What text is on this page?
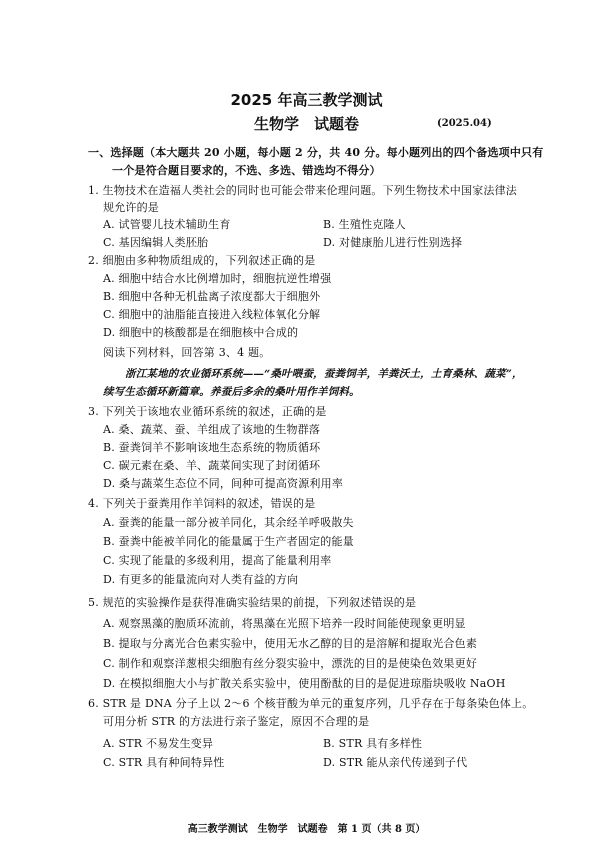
2025 年高三教学测试
生物学　试题卷	(2025.04)
一、选择题（本大题共 20 小题，每小题 2 分，共 40 分。每小题列出的四个备选项中只有
一个是符合题目要求的，不选、多选、错选均不得分）
1. 生物技术在造福人类社会的同时也可能会带来伦理问题。下列生物技术中国家法律法
规允许的是
A. 试管婴儿技术辅助生育	B. 生殖性克隆人
C. 基因编辑人类胚胎	D. 对健康胎儿进行性别选择
2. 细胞由多种物质组成的，下列叙述正确的是
A. 细胞中结合水比例增加时，细胞抗逆性增强
B. 细胞中各种无机盐离子浓度都大于细胞外
C. 细胞中的油脂能直接进入线粒体氧化分解
D. 细胞中的核酸都是在细胞核中合成的
阅读下列材料，回答第 3、4 题。
浙江某地的农业循环系统——“桑叶喂蚕，蚕粪饲羊，羊粪沃土，土育桑林、蔬菜”，
续写生态循环新篇章。养蚕后多余的桑叶用作羊饲料。
3. 下列关于该地农业循环系统的叙述，正确的是
A. 桑、蔬菜、蚕、羊组成了该地的生物群落
B. 蚕粪饲羊不影响该地生态系统的物质循环
C. 碳元素在桑、羊、蔬菜间实现了封闭循环
D. 桑与蔬菜生态位不同，间种可提高资源利用率
4. 下列关于蚕粪用作羊饲料的叙述，错误的是
A. 蚕粪的能量一部分被羊同化，其余经羊呼吸散失
B. 蚕粪中能被羊同化的能量属于生产者固定的能量
C. 实现了能量的多级利用，提高了能量利用率
D. 有更多的能量流向对人类有益的方向
5. 规范的实验操作是获得准确实验结果的前提，下列叙述错误的是
A. 观察黑藻的胞质环流前，将黑藻在光照下培养一段时间能使现象更明显
B. 提取与分离光合色素实验中，使用无水乙醇的目的是溶解和提取光合色素
C. 制作和观察洋葱根尖细胞有丝分裂实验中，漂洗的目的是使染色效果更好
D. 在模拟细胞大小与扩散关系实验中，使用酚酞的目的是促进琼脂块吸收 NaOH
6. STR 是 DNA 分子上以 2～6 个核苷酸为单元的重复序列，几乎存在于每条染色体上。
可用分析 STR 的方法进行亲子鉴定，原因不合理的是
A. STR 不易发生变异	B. STR 具有多样性
C. STR 具有种间特异性	D. STR 能从亲代传递到子代
高三教学测试　生物学　试题卷　第 1 页（共 8 页）
